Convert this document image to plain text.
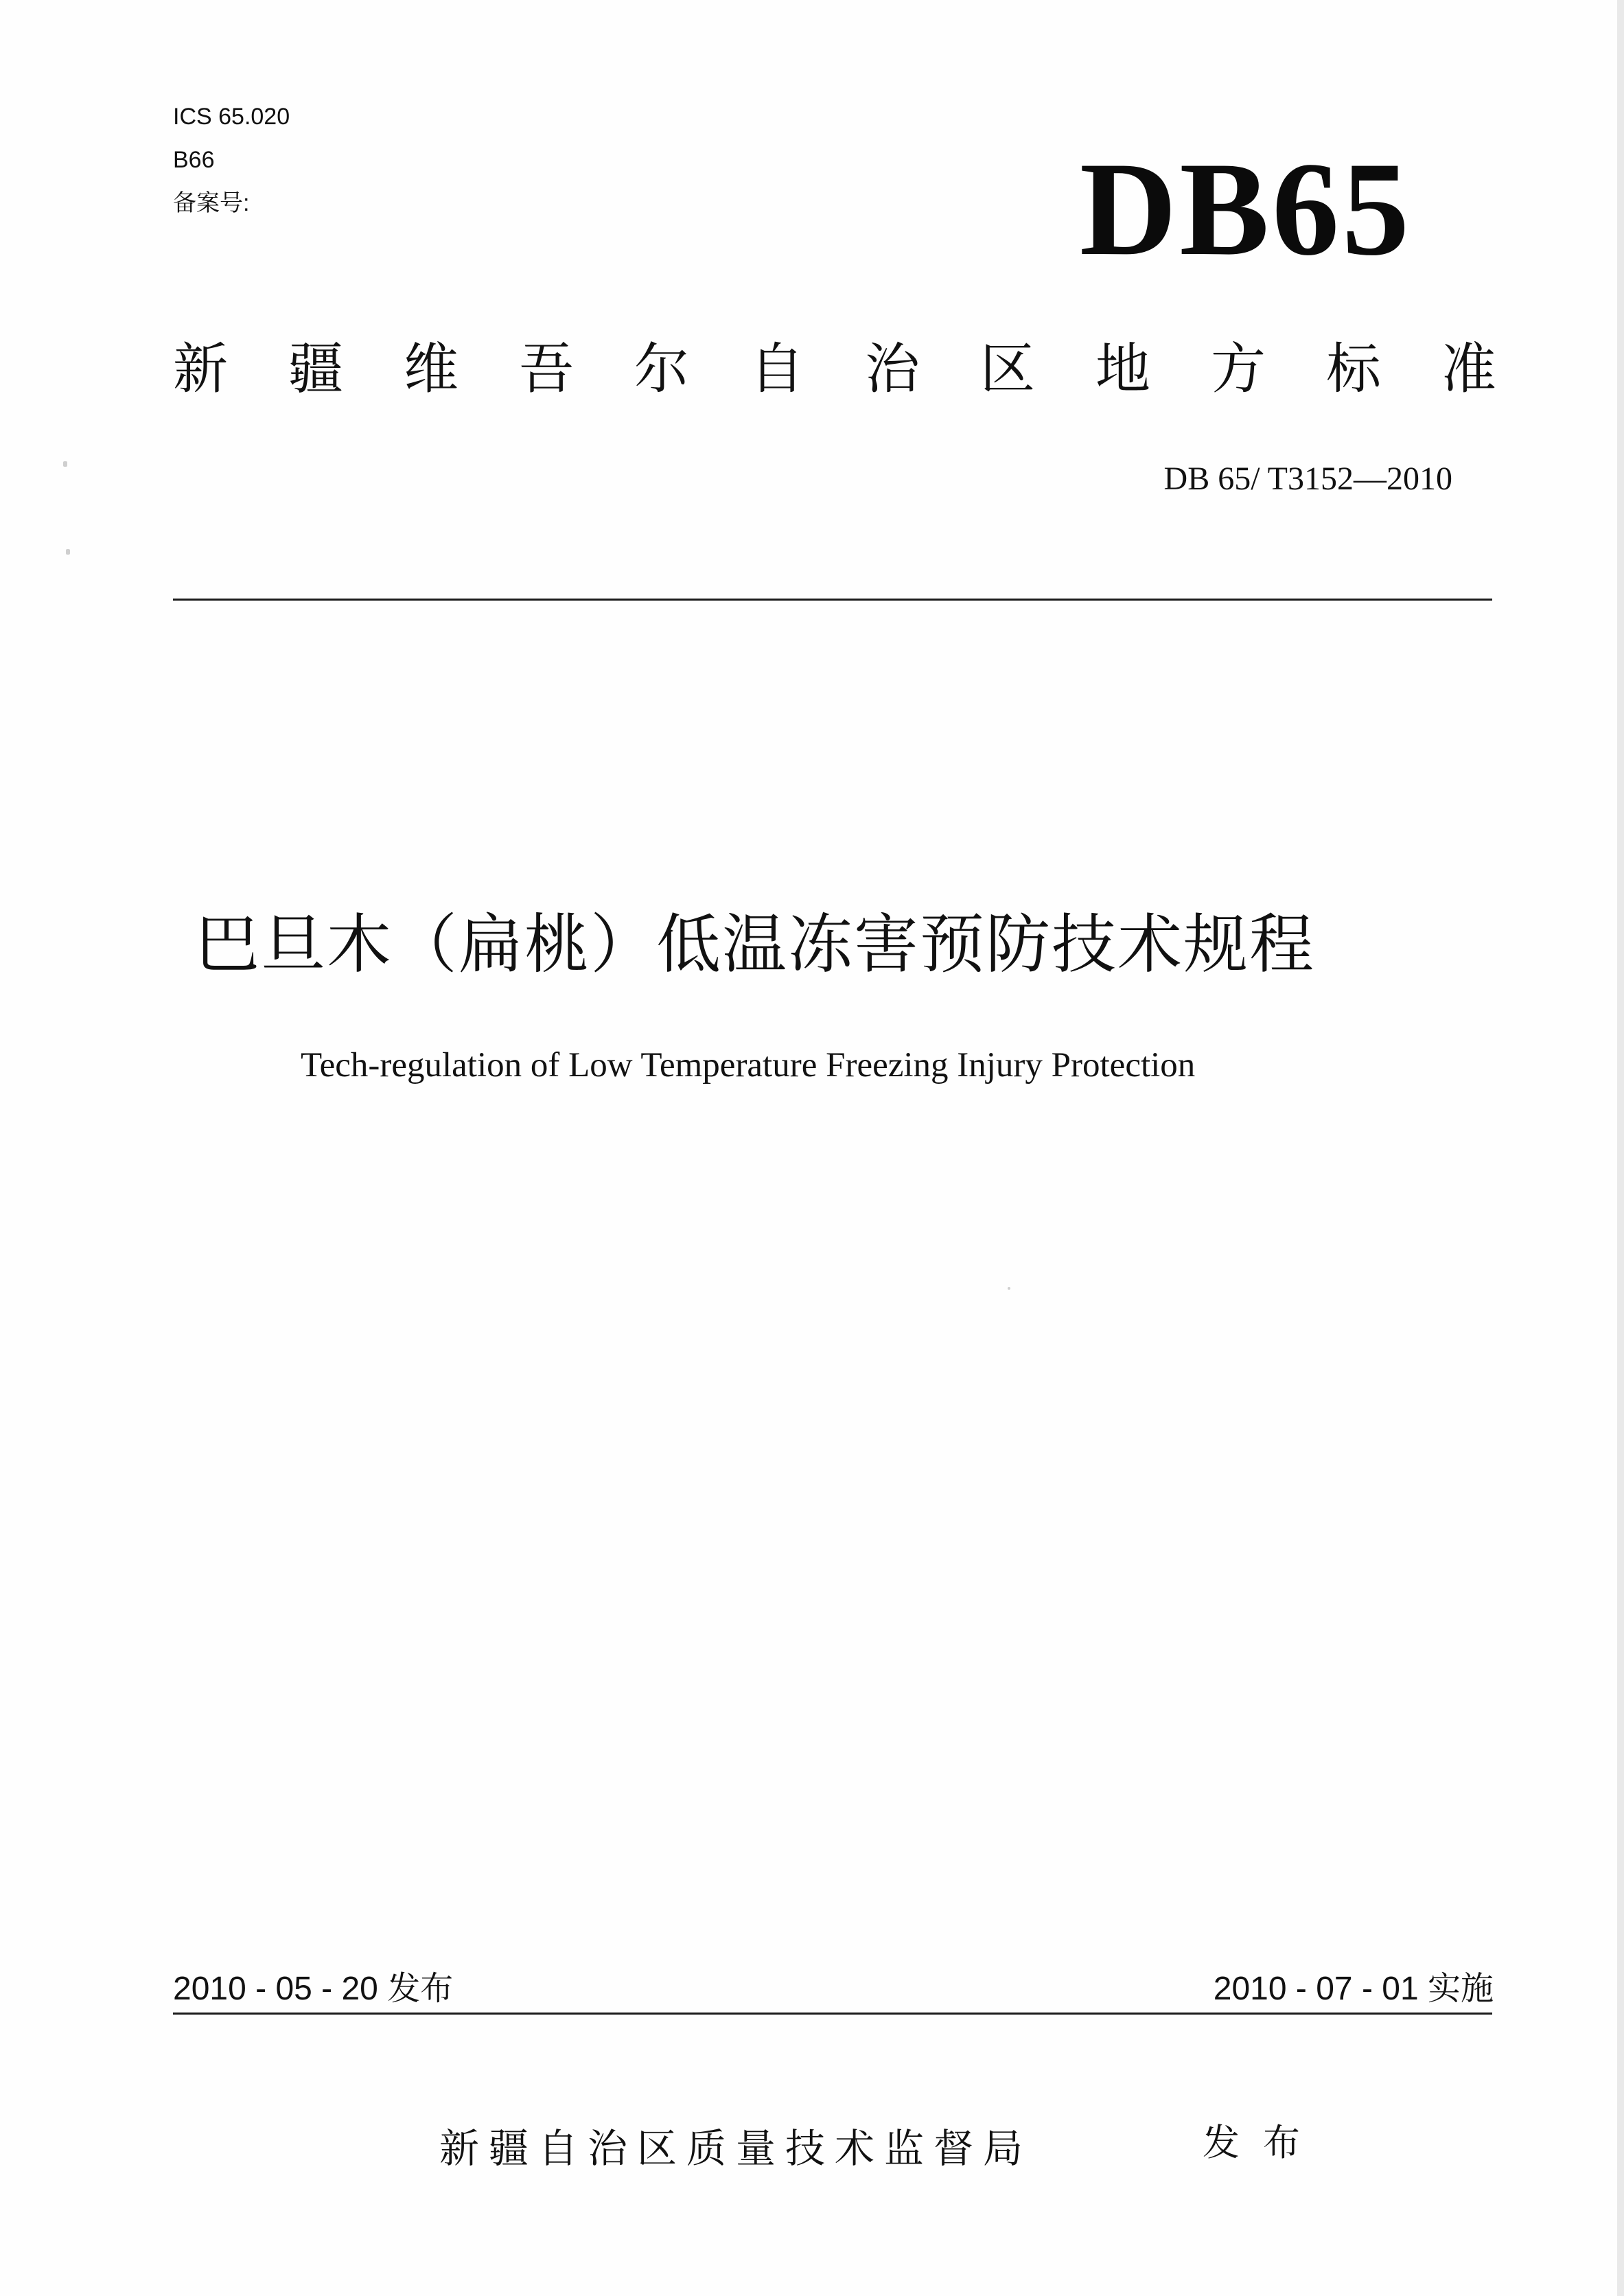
ICS 65.020
B66
备案号:	DB65
新疆维吾尔自治区地方标准
DB 65/ T3152—2010
巴旦木（扁桃）低温冻害预防技术规程
Tech-regulation of Low Temperature Freezing Injury Protection
2010 - 05 - 20 发布	2010 - 07 - 01 实施
新疆自治区质量技术监督局	发布
